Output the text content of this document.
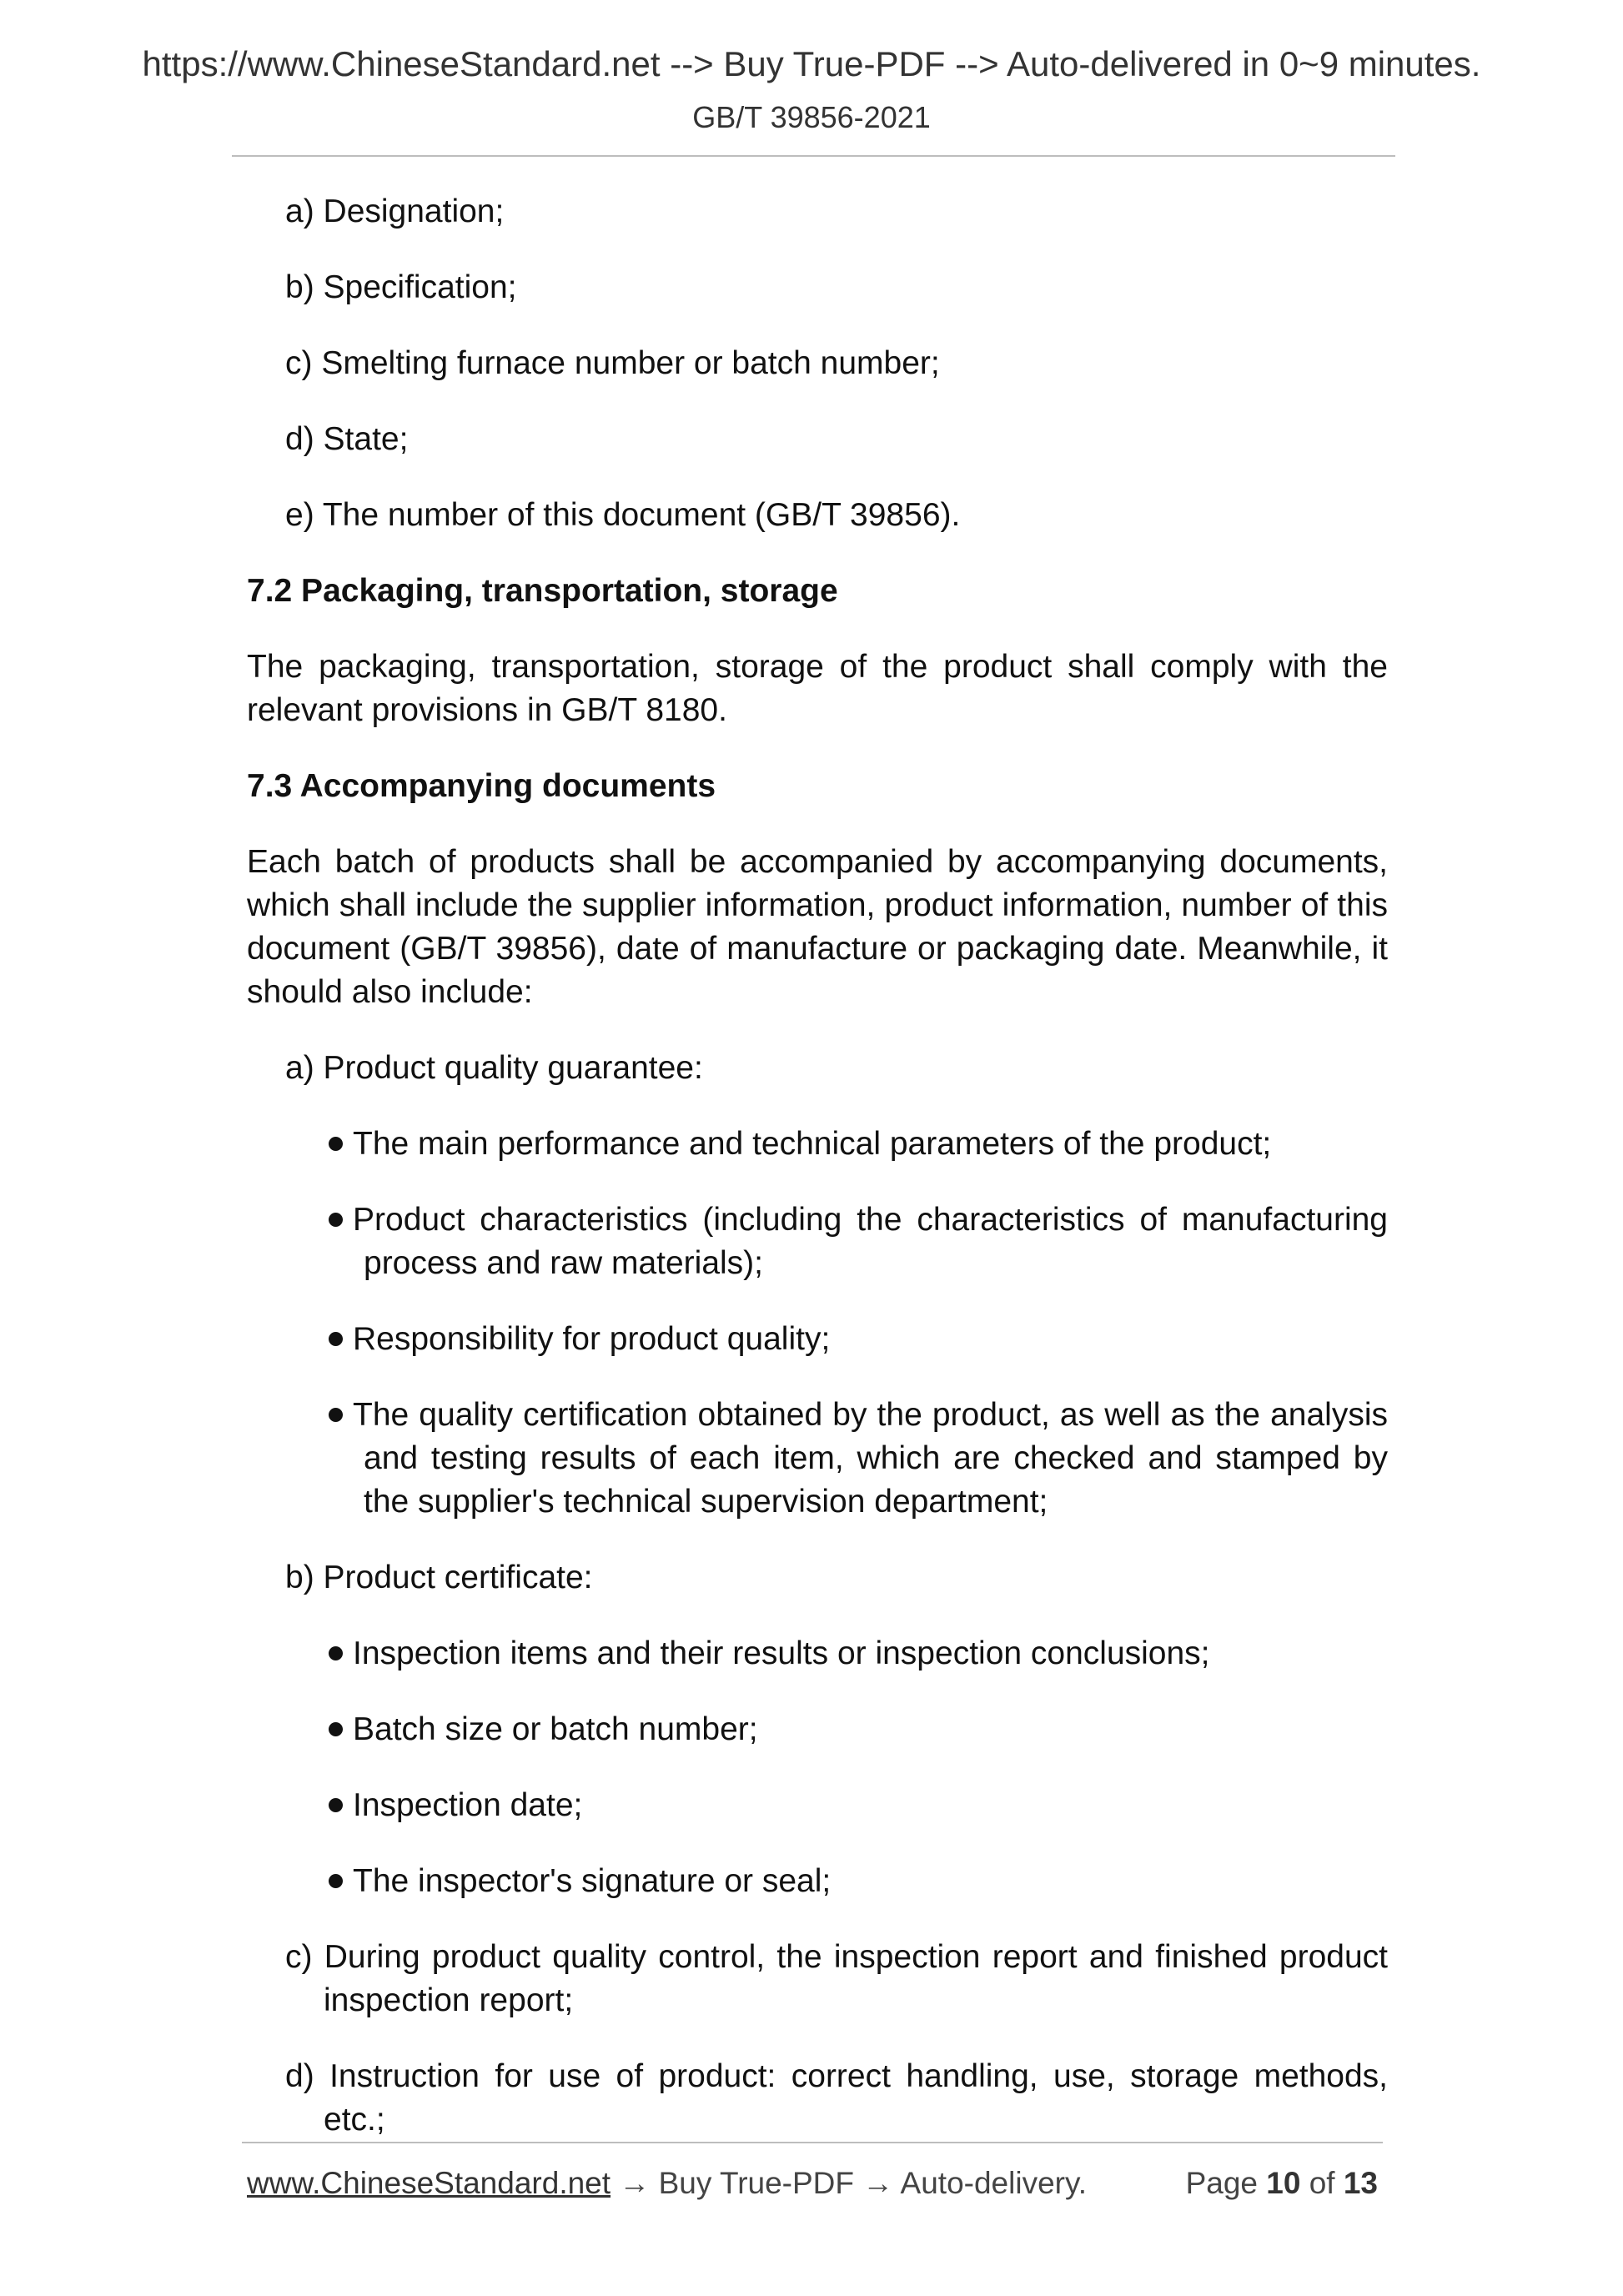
https://www.ChineseStandard.net --> Buy True-PDF --> Auto-delivered in 0~9 minutes.
GB/T 39856-2021
a) Designation;
b) Specification;
c) Smelting furnace number or batch number;
d) State;
e) The number of this document (GB/T 39856).
7.2 Packaging, transportation, storage
The packaging, transportation, storage of the product shall comply with the relevant provisions in GB/T 8180.
7.3 Accompanying documents
Each batch of products shall be accompanied by accompanying documents, which shall include the supplier information, product information, number of this document (GB/T 39856), date of manufacture or packaging date. Meanwhile, it should also include:
a) Product quality guarantee:
The main performance and technical parameters of the product;
Product characteristics (including the characteristics of manufacturing process and raw materials);
Responsibility for product quality;
The quality certification obtained by the product, as well as the analysis and testing results of each item, which are checked and stamped by the supplier's technical supervision department;
b) Product certificate:
Inspection items and their results or inspection conclusions;
Batch size or batch number;
Inspection date;
The inspector's signature or seal;
c) During product quality control, the inspection report and finished product inspection report;
d) Instruction for use of product: correct handling, use, storage methods, etc.;
www.ChineseStandard.net → Buy True-PDF → Auto-delivery.	Page 10 of 13
